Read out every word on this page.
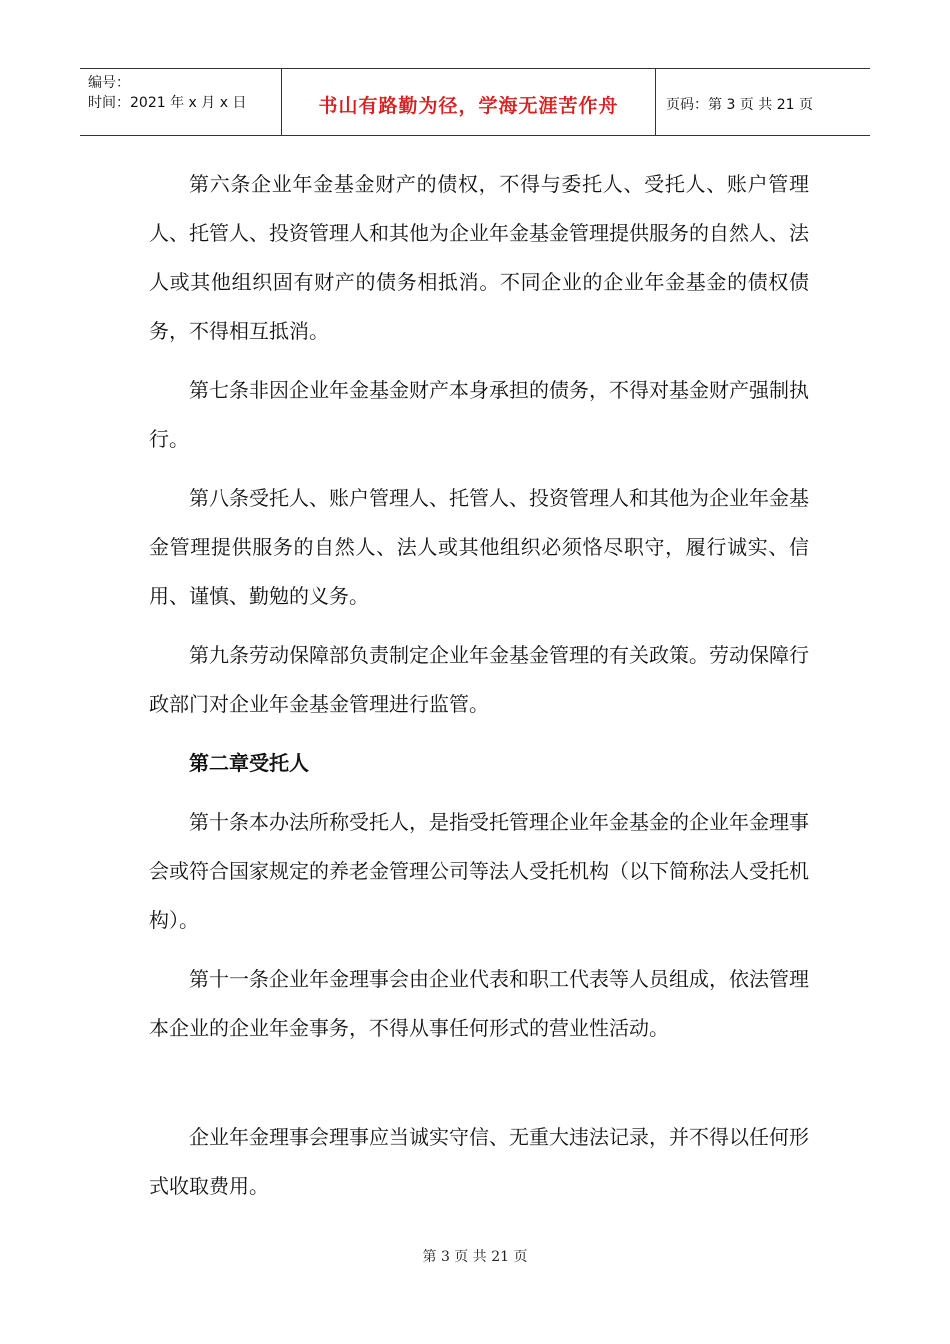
编号：
时间：2021 年 x 月 x 日	书山有路勤为径，学海无涯苦作舟	页码：第 3 页 共 21 页

第六条企业年金基金财产的债权，不得与委托人、受托人、账户管理人、托管人、投资管理人和其他为企业年金基金管理提供服务的自然人、法人或其他组织固有财产的债务相抵消。不同企业的企业年金基金的债权债务，不得相互抵消。

第七条非因企业年金基金财产本身承担的债务，不得对基金财产强制执行。

第八条受托人、账户管理人、托管人、投资管理人和其他为企业年金基金管理提供服务的自然人、法人或其他组织必须恪尽职守，履行诚实、信用、谨慎、勤勉的义务。

第九条劳动保障部负责制定企业年金基金管理的有关政策。劳动保障行政部门对企业年金基金管理进行监管。

第二章受托人

第十条本办法所称受托人，是指受托管理企业年金基金的企业年金理事会或符合国家规定的养老金管理公司等法人受托机构（以下简称法人受托机构）。

第十一条企业年金理事会由企业代表和职工代表等人员组成，依法管理本企业的企业年金事务，不得从事任何形式的营业性活动。

企业年金理事会理事应当诚实守信、无重大违法记录，并不得以任何形式收取费用。

第 3 页 共 21 页
